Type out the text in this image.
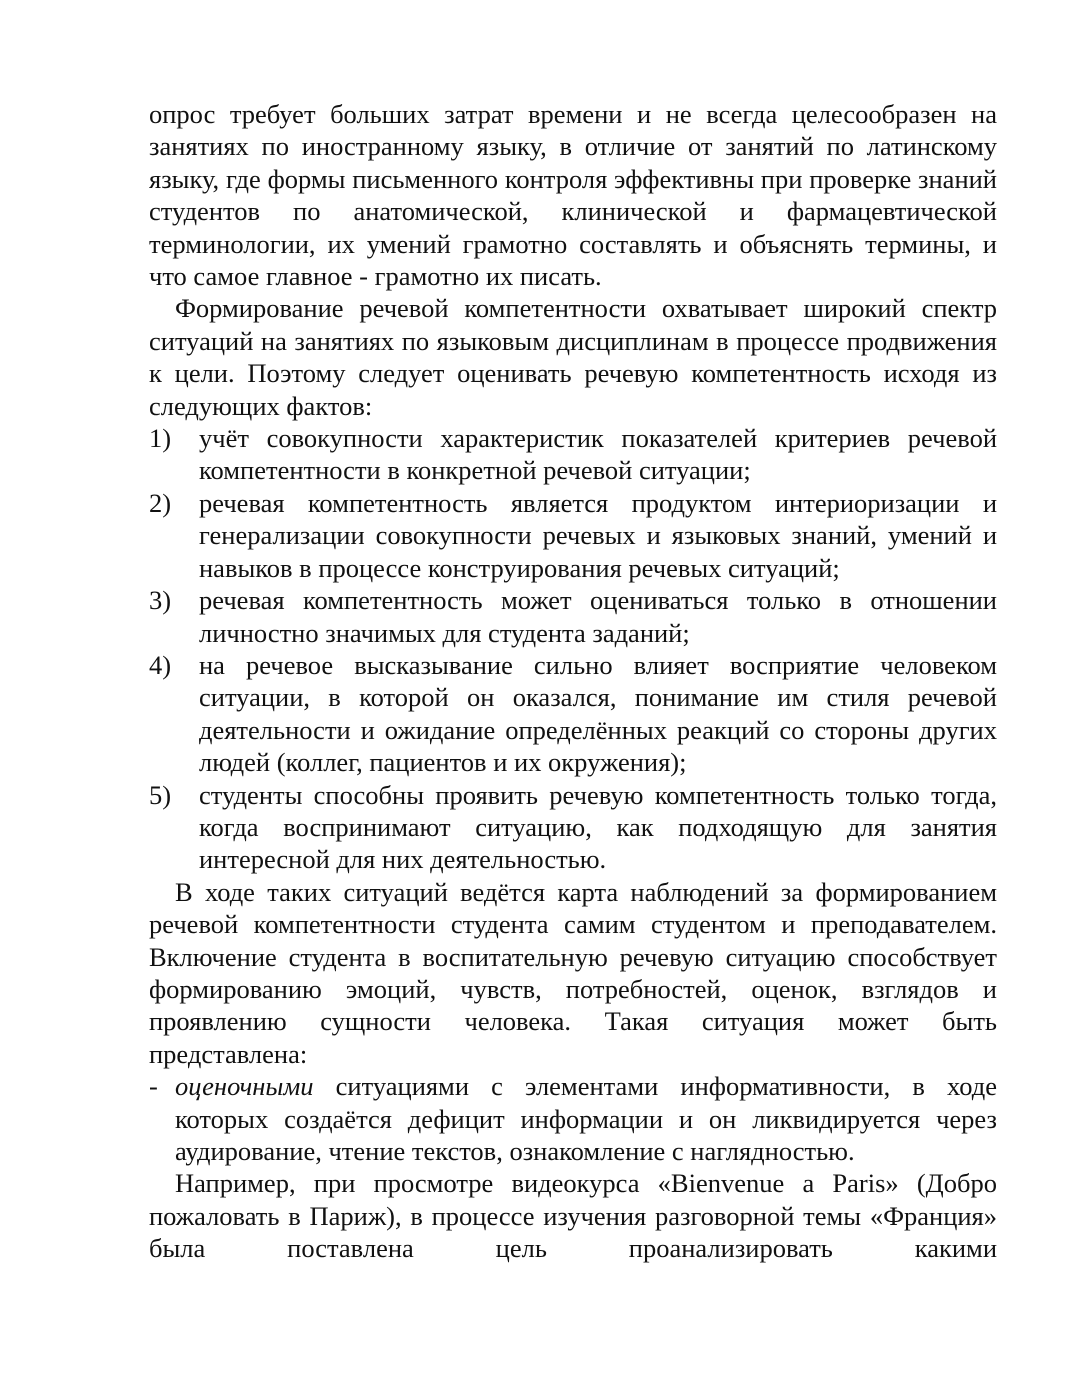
опрос требует больших затрат времени и не всегда целесообразен на занятиях по иностранному языку, в отличие от занятий по латинскому языку, где формы письменного контроля эффективны при проверке знаний студентов по анатомической, клинической и фармацевтической терминологии, их умений грамотно составлять и объяснять термины, и что самое главное - грамотно их писать.

Формирование речевой компетентности охватывает широкий спектр ситуаций на занятиях по языковым дисциплинам в процессе продвижения к цели. Поэтому следует оценивать речевую компетентность исходя из следующих фактов:

1) учёт совокупности характеристик показателей критериев речевой компетентности в конкретной речевой ситуации;
2) речевая компетентность является продуктом интериоризации и генерализации совокупности речевых и языковых знаний, умений и навыков в процессе конструирования речевых ситуаций;
3) речевая компетентность может оцениваться только в отношении личностно значимых для студента заданий;
4) на речевое высказывание сильно влияет восприятие человеком ситуации, в которой он оказался, понимание им стиля речевой деятельности и ожидание определённых реакций со стороны других людей (коллег, пациентов и их окружения);
5) студенты способны проявить речевую компетентность только тогда, когда воспринимают ситуацию, как подходящую для занятия интересной для них деятельностью.

В ходе таких ситуаций ведётся карта наблюдений за формированием речевой компетентности студента самим студентом и преподавателем. Включение студента в воспитательную речевую ситуацию способствует формированию эмоций, чувств, потребностей, оценок, взглядов и проявлению сущности человека. Такая ситуация может быть представлена:

- оценочными ситуациями с элементами информативности, в ходе которых создаётся дефицит информации и он ликвидируется через аудирование, чтение текстов, ознакомление с наглядностью.

Например, при просмотре видеокурса «Bienvenue a Paris» (Добро пожаловать в Париж), в процессе изучения разговорной темы «Франция» была поставлена цель проанализировать какими
